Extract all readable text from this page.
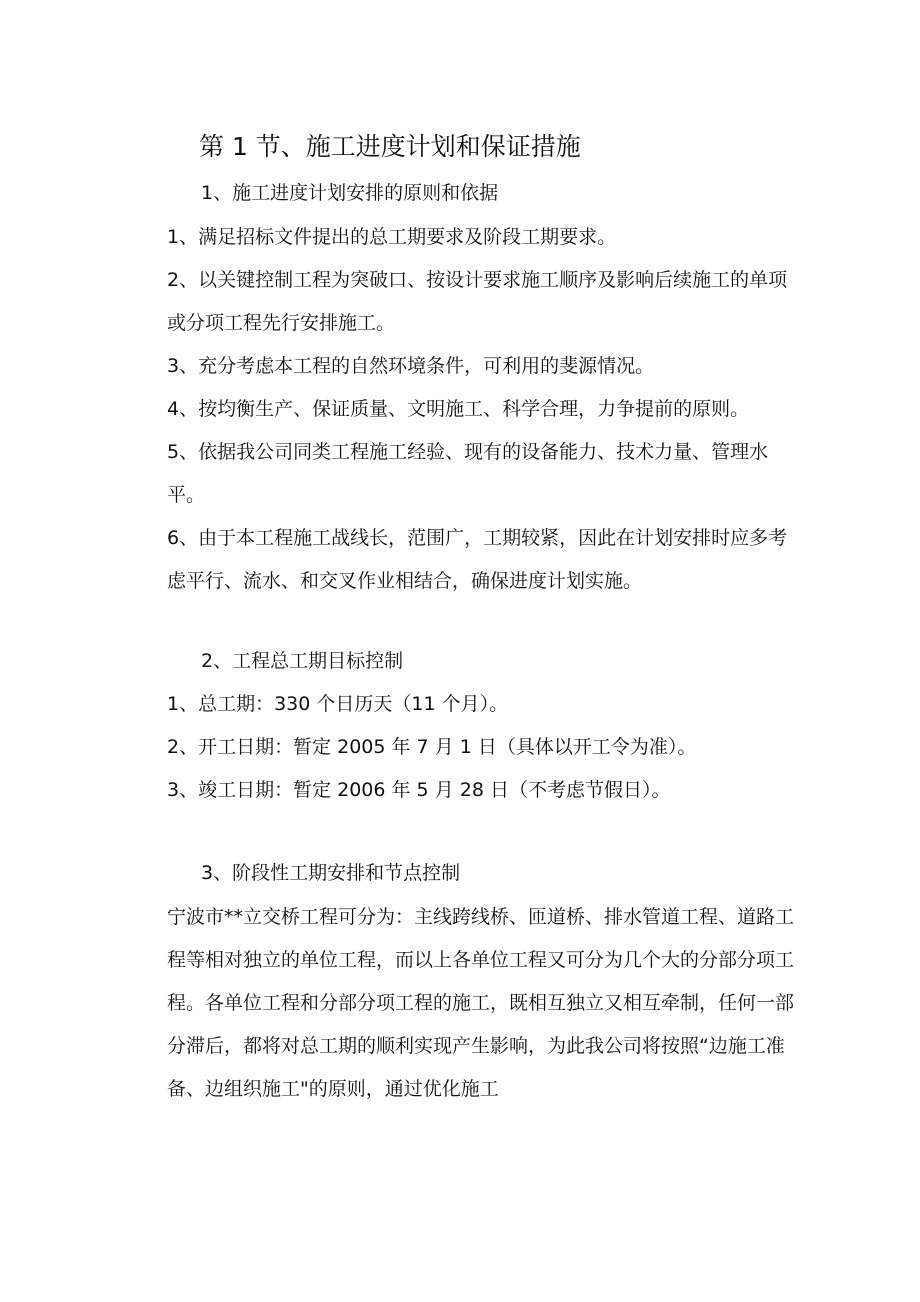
第 1 节、施工进度计划和保证措施
1、施工进度计划安排的原则和依据
1、满足招标文件提出的总工期要求及阶段工期要求。
2、以关键控制工程为突破口、按设计要求施工顺序及影响后续施工的单项
或分项工程先行安排施工。
3、充分考虑本工程的自然环境条件，可利用的斐源情况。
4、按均衡生产、保证质量、文明施工、科学合理，力争提前的原则。
5、依据我公司同类工程施工经验、现有的设备能力、技术力量、管理水
平。
6、由于本工程施工战线长，范围广，工期较紧，因此在计划安排时应多考
虑平行、流水、和交叉作业相结合，确保进度计划实施。
2、工程总工期目标控制
1、总工期：330 个日历天（11 个月）。
2、开工日期：暂定 2005 年 7 月 1 日（具体以开工令为准）。
3、竣工日期：暂定 2006 年 5 月 28 日（不考虑节假日）。
3、阶段性工期安排和节点控制
宁波市**立交桥工程可分为：主线跨线桥、匝道桥、排水管道工程、道路工
程等相对独立的单位工程，而以上各单位工程又可分为几个大的分部分项工
程。各单位工程和分部分项工程的施工，既相互独立又相互牵制，任何一部
分滞后，都将对总工期的顺利实现产生影响，为此我公司将按照“边施工准
备、边组织施工"的原则，通过优化施工
